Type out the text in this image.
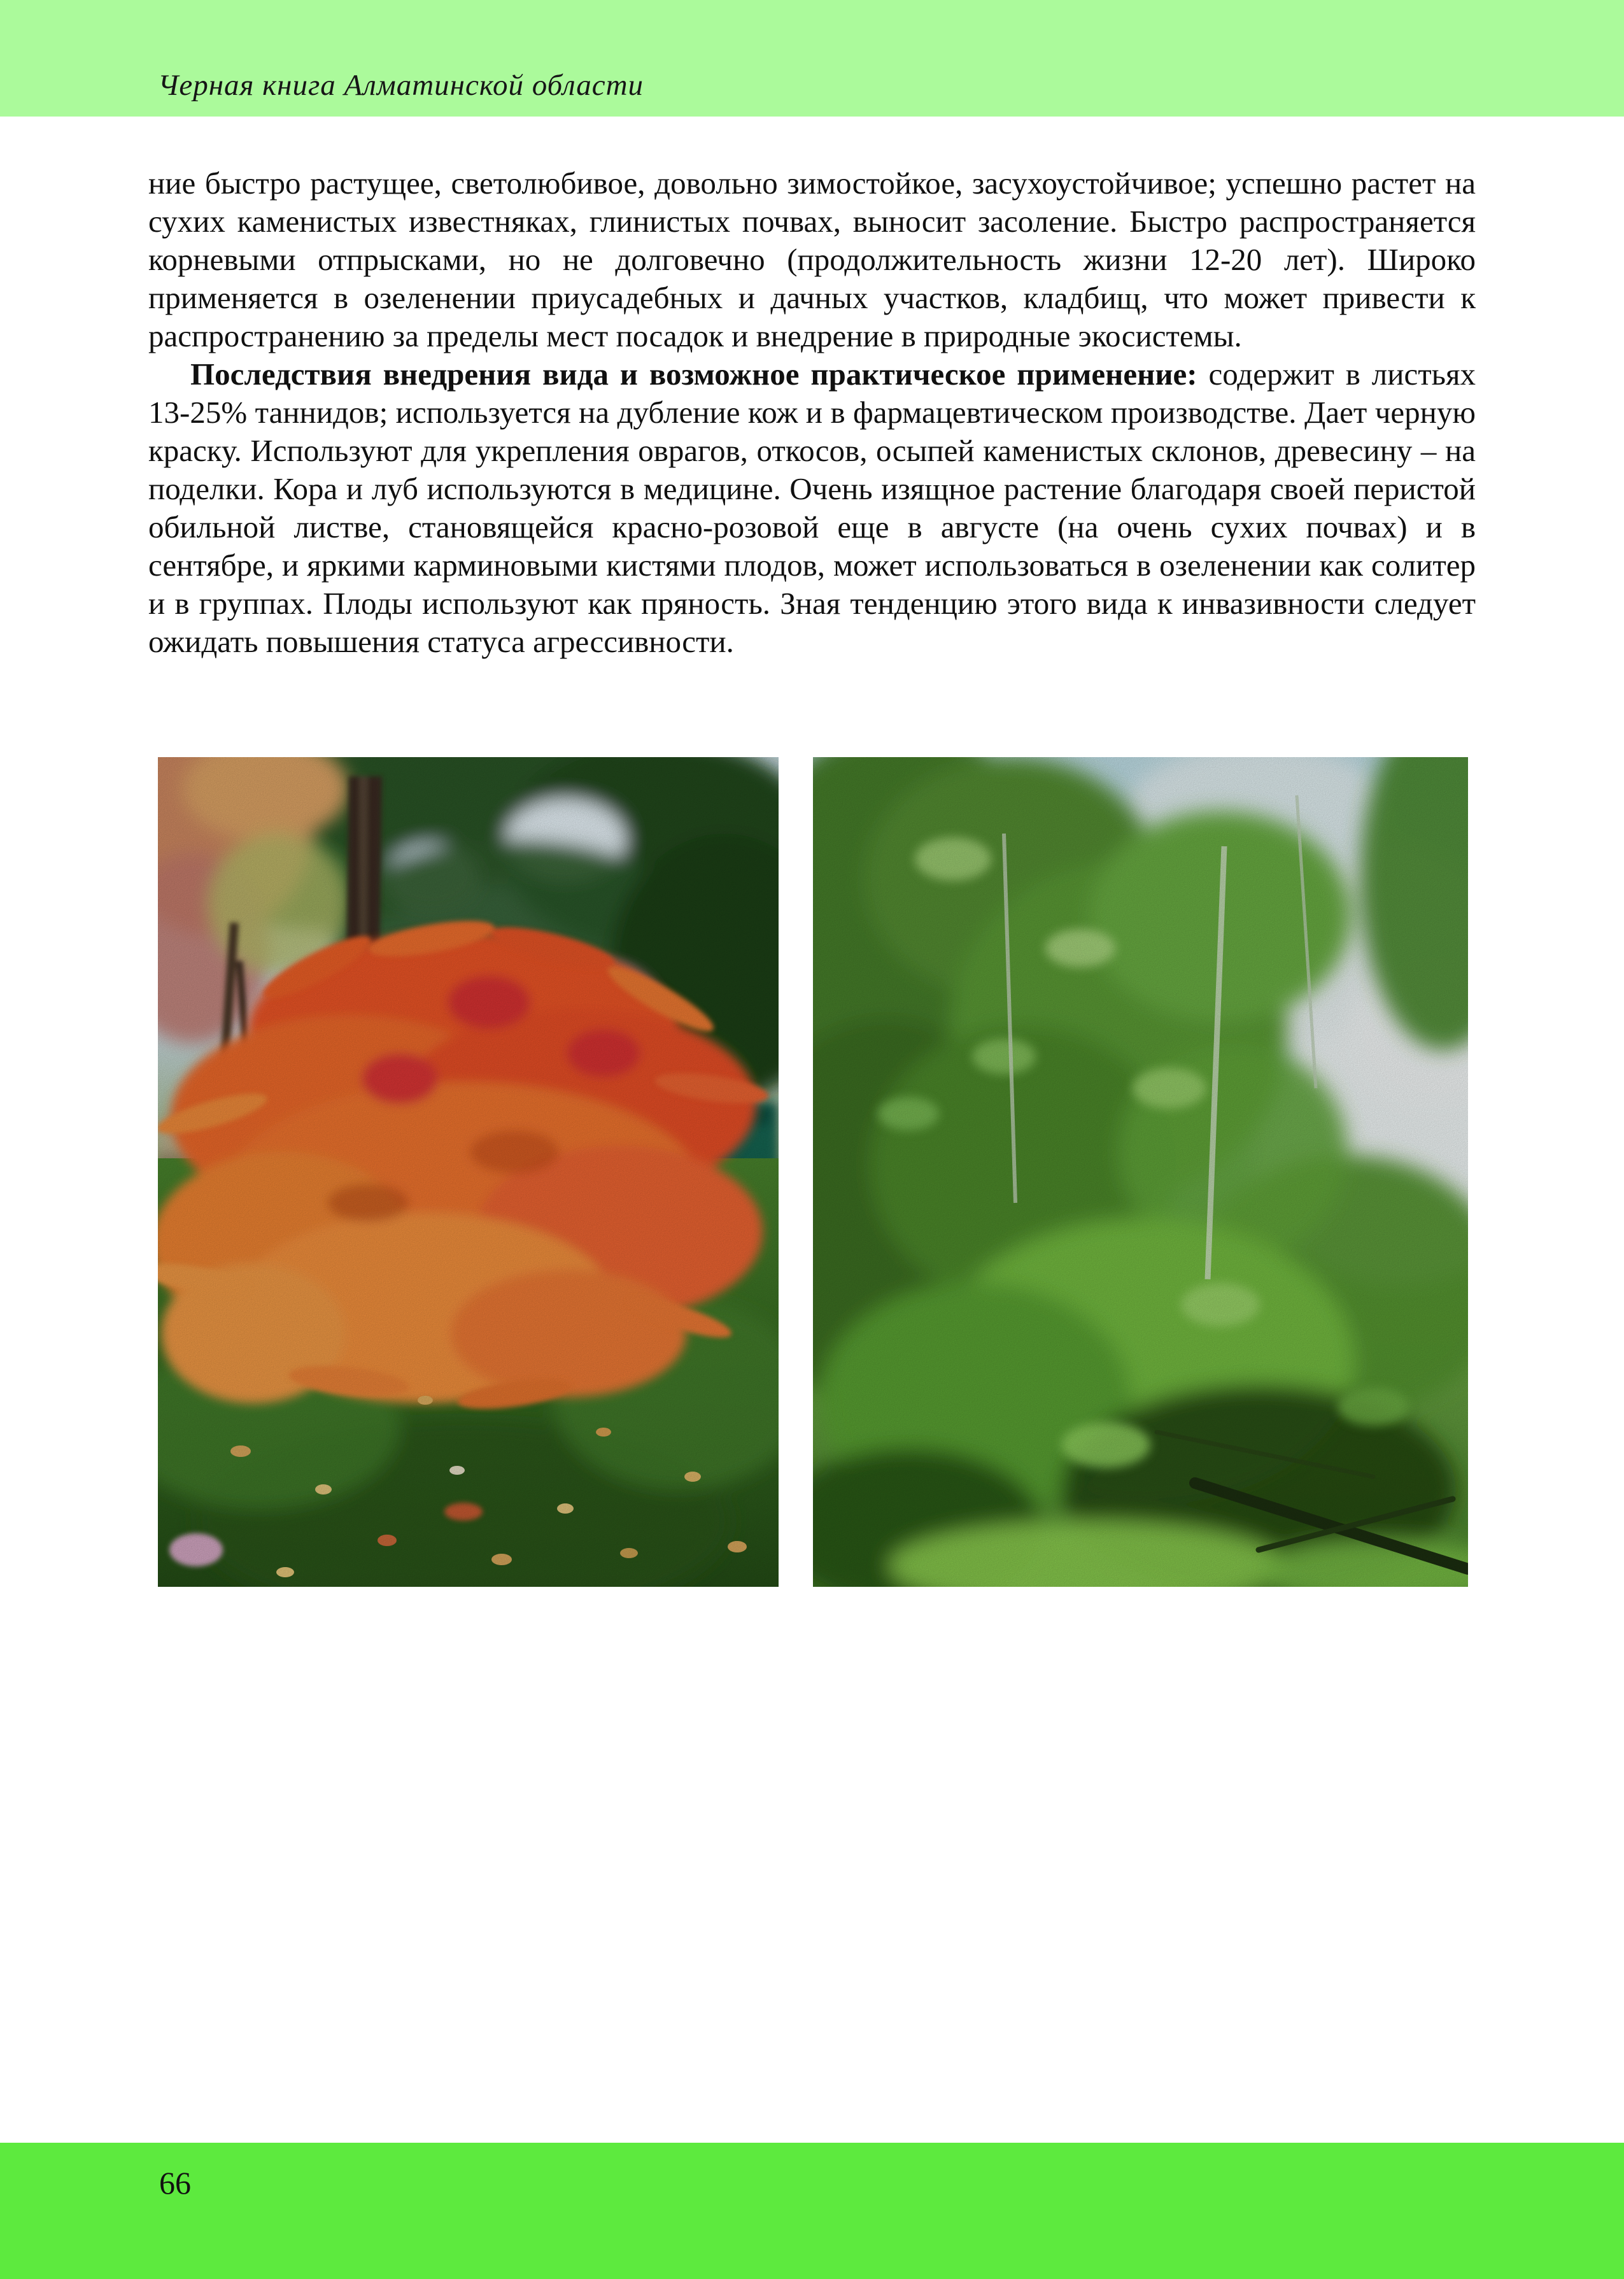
Черная книга Алматинской области

ние быстро растущее, светолюбивое, довольно зимостойкое, засухоустойчивое; успешно растет на сухих каменистых известняках, глинистых почвах, выносит засоление. Быстро распространяется корневыми отпрысками, но не долговечно (продолжительность жизни 12-20 лет). Широко применяется в озеленении приусадебных и дачных участков, кладбищ, что может привести к распространению за пределы мест посадок и внедрение в природные экосистемы.

Последствия внедрения вида и возможное практическое применение: содержит в листьях 13-25% таннидов; используется на дубление кож и в фармацевтическом производстве. Дает черную краску. Используют для укрепления оврагов, откосов, осыпей каменистых склонов, древесину – на поделки. Кора и луб используются в медицине. Очень изящное растение благодаря своей перистой обильной листве, становящейся красно-розовой еще в августе (на очень сухих почвах) и в сентябре, и яркими карминовыми кистями плодов, может использоваться в озеленении как солитер и в группах. Плоды используют как пряность. Зная тенденцию этого вида к инвазивности следует ожидать повышения статуса агрессивности.

66
